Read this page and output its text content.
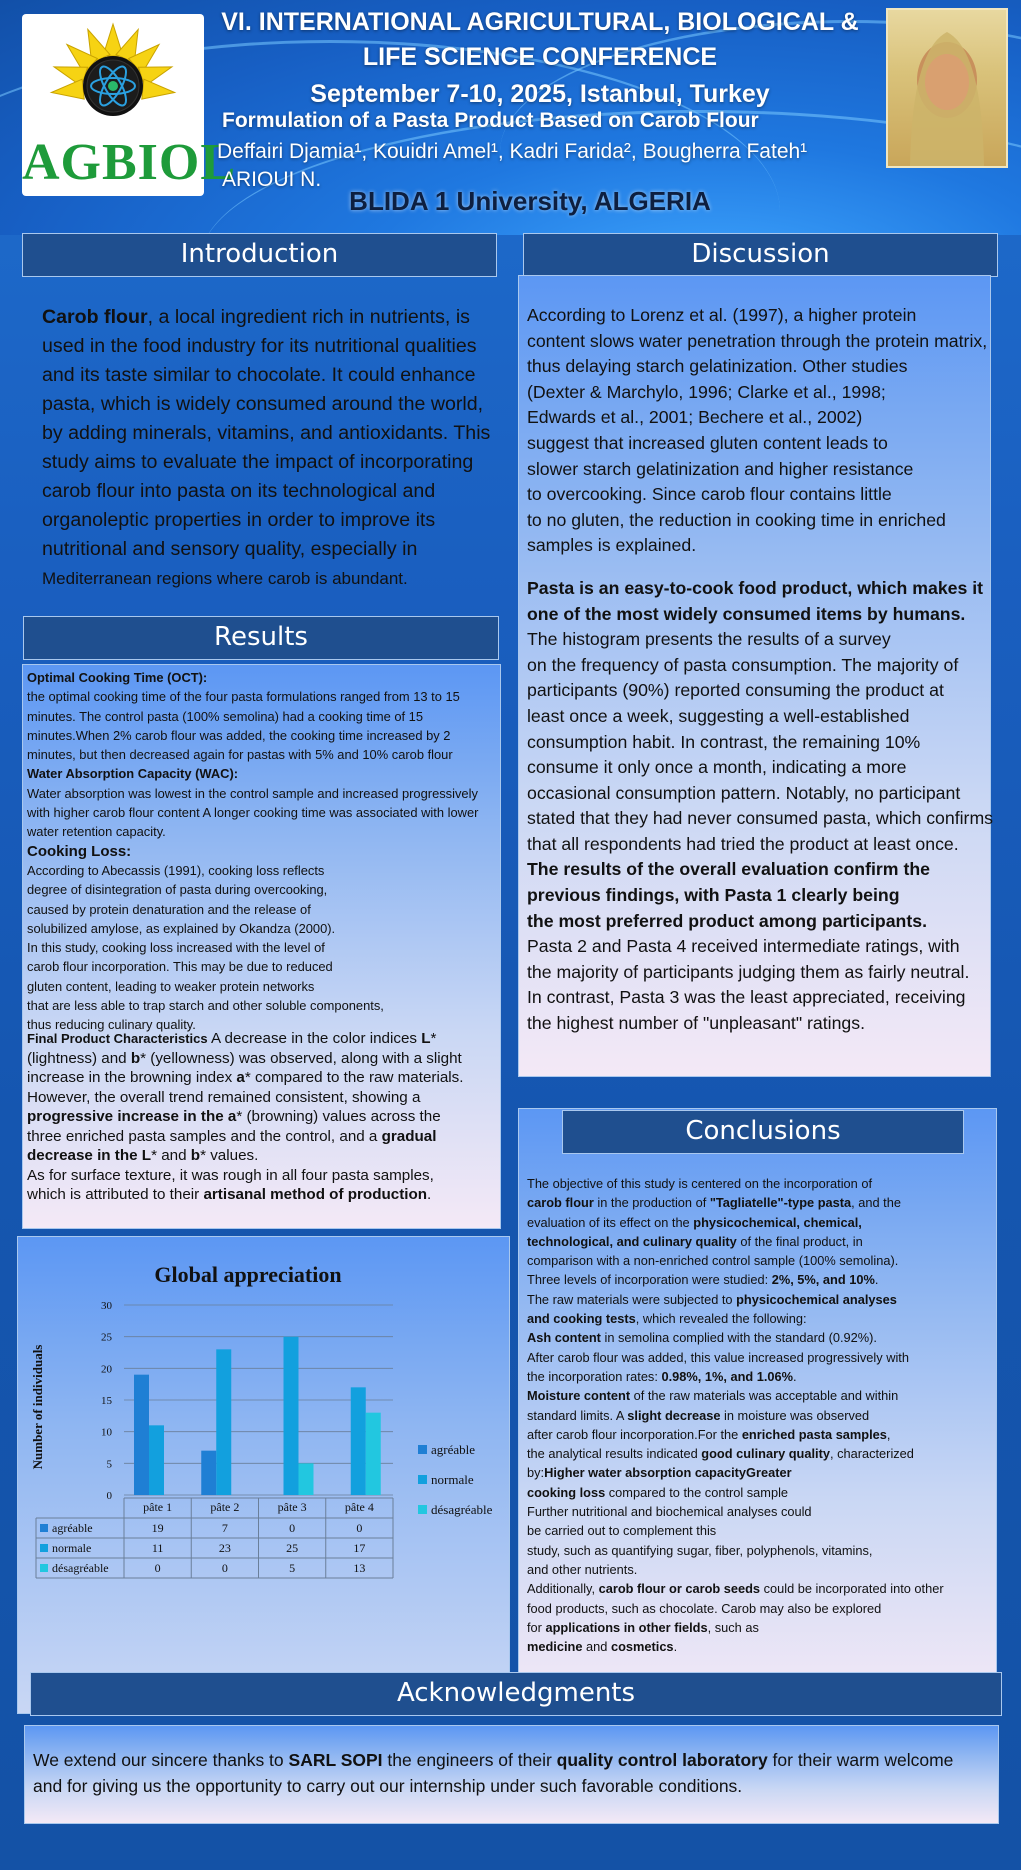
AGBIOL
VI. INTERNATIONAL AGRICULTURAL, BIOLOGICAL &
LIFE SCIENCE CONFERENCE
September 7-10, 2025, Istanbul, Turkey
Formulation of a Pasta Product Based on Carob Flour
Deffairi Djamia¹, Kouidri Amel¹, Kadri Farida², Bougherra Fateh¹
ARIOUI N.
BLIDA 1 University, ALGERIA
Introduction
Carob flour, a local ingredient rich in nutrients, is
used in the food industry for its nutritional qualities
and its taste similar to chocolate. It could enhance
pasta, which is widely consumed around the world,
by adding minerals, vitamins, and antioxidants. This
study aims to evaluate the impact of incorporating
carob flour into pasta on its technological and
organoleptic properties in order to improve its
nutritional and sensory quality, especially in
Mediterranean regions where carob is abundant.
Results
Optimal Cooking Time (OCT):
the optimal cooking time of the four pasta formulations ranged from 13 to 15
minutes. The control pasta (100% semolina) had a cooking time of 15
minutes.When 2% carob flour was added, the cooking time increased by 2
minutes, but then decreased again for pastas with 5% and 10% carob flour
Water Absorption Capacity (WAC):
Water absorption was lowest in the control sample and increased progressively
with higher carob flour content A longer cooking time was associated with lower
water retention capacity.
Cooking Loss:
According to Abecassis (1991), cooking loss reflects
degree of disintegration of pasta during overcooking,
caused by protein denaturation and the release of
solubilized amylose, as explained by Okandza (2000).
In this study, cooking loss increased with the level of
carob flour incorporation. This may be due to reduced
gluten content, leading to weaker protein networks
that are less able to trap starch and other soluble components,
thus reducing culinary quality.
Final Product Characteristics A decrease in the color indices L*
(lightness) and b* (yellowness) was observed, along with a slight
increase in the browning index a* compared to the raw materials.
However, the overall trend remained consistent, showing a
progressive increase in the a* (browning) values across the
three enriched pasta samples and the control, and a gradual
decrease in the L* and b* values.
As for surface texture, it was rough in all four pasta samples,
which is attributed to their artisanal method of production.
Global appreciation
Number of individuals
0
5
10
15
20
25
30
pâte 1	pâte 2	pâte 3	pâte 4
agréable	19	7	0	0
normale	11	23	25	17
désagréable	0	0	5	13
agréable
normale
désagréable
Discussion
According to Lorenz et al. (1997), a higher protein
content slows water penetration through the protein matrix,
thus delaying starch gelatinization. Other studies
(Dexter & Marchylo, 1996; Clarke et al., 1998;
Edwards et al., 2001; Bechere et al., 2002)
suggest that increased gluten content leads to
slower starch gelatinization and higher resistance
to overcooking. Since carob flour contains little
to no gluten, the reduction in cooking time in enriched
samples is explained.
Pasta is an easy-to-cook food product, which makes it
one of the most widely consumed items by humans.
The histogram presents the results of a survey
on the frequency of pasta consumption. The majority of
participants (90%) reported consuming the product at
least once a week, suggesting a well-established
consumption habit. In contrast, the remaining 10%
consume it only once a month, indicating a more
occasional consumption pattern. Notably, no participant
stated that they had never consumed pasta, which confirms
that all respondents had tried the product at least once.
The results of the overall evaluation confirm the
previous findings, with Pasta 1 clearly being
the most preferred product among participants.
Pasta 2 and Pasta 4 received intermediate ratings, with
the majority of participants judging them as fairly neutral.
In contrast, Pasta 3 was the least appreciated, receiving
the highest number of "unpleasant" ratings.
Conclusions
The objective of this study is centered on the incorporation of
carob flour in the production of "Tagliatelle"-type pasta, and the
evaluation of its effect on the physicochemical, chemical,
technological, and culinary quality of the final product, in
comparison with a non-enriched control sample (100% semolina).
Three levels of incorporation were studied: 2%, 5%, and 10%.
The raw materials were subjected to physicochemical analyses
and cooking tests, which revealed the following:
Ash content in semolina complied with the standard (0.92%).
After carob flour was added, this value increased progressively with
the incorporation rates: 0.98%, 1%, and 1.06%.
Moisture content of the raw materials was acceptable and within
standard limits. A slight decrease in moisture was observed
after carob flour incorporation.For the enriched pasta samples,
the analytical results indicated good culinary quality, characterized
by:Higher water absorption capacityGreater
cooking loss compared to the control sample
Further nutritional and biochemical analyses could
be carried out to complement this
study, such as quantifying sugar, fiber, polyphenols, vitamins,
and other nutrients.
Additionally, carob flour or carob seeds could be incorporated into other
food products, such as chocolate. Carob may also be explored
for applications in other fields, such as
medicine and cosmetics.
Acknowledgments
We extend our sincere thanks to SARL SOPI the engineers of their quality control laboratory for their warm welcome
and for giving us the opportunity to carry out our internship under such favorable conditions.
